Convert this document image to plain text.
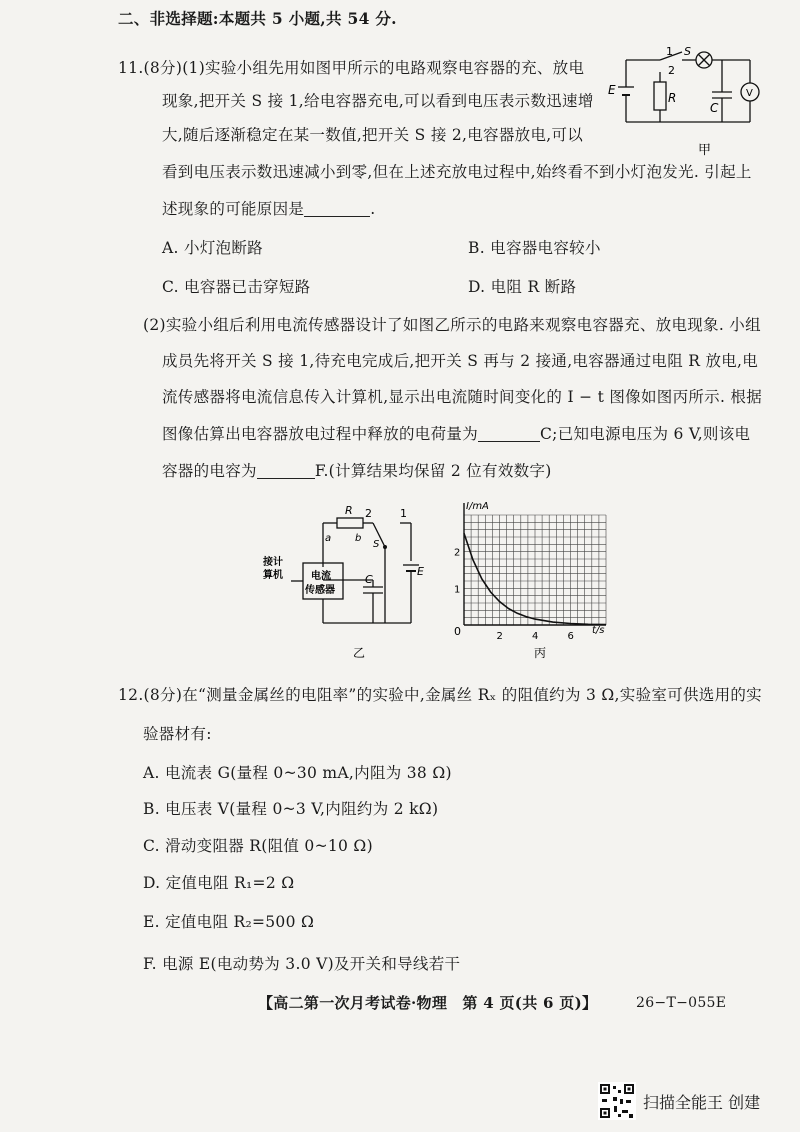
二、非选择题:本题共 5 小题,共 54 分.
11.(8分)(1)实验小组先用如图甲所示的电路观察电容器的充、放电
现象,把开关 S 接 1,给电容器充电,可以看到电压表示数迅速增
大,随后逐渐稳定在某一数值,把开关 S 接 2,电容器放电,可以
看到电压表示数迅速减小到零,但在上述充放电过程中,始终看不到小灯泡发光. 引起上
述现象的可能原因是	.
A. 小灯泡断路	B. 电容器电容较小
C. 电容器已击穿短路	D. 电阻 R 断路
(2)实验小组后利用电流传感器设计了如图乙所示的电路来观察电容器充、放电现象. 小组
成员先将开关 S 接 1,待充电完成后,把开关 S 再与 2 接通,电容器通过电阻 R 放电,电
流传感器将电流信息传入计算机,显示出电流随时间变化的 I − t 图像如图丙所示. 根据
图像估算出电容器放电过程中释放的电荷量为	C;已知电源电压为 6 V,则该电
容器的电容为	F.(计算结果均保留 2 位有效数字)
1
2
S
E
R
C
V
甲
R
a b
1
2
S
C
E
接计
算机	电流
传感器
乙
2	4	6
1
2
I/mA
t/s
0
丙
12.(8分)在“测量金属丝的电阻率”的实验中,金属丝 Rₓ 的阻值约为 3 Ω,实验室可供选用的实
验器材有:
A. 电流表 G(量程 0~30 mA,内阻为 38 Ω)
B. 电压表 V(量程 0~3 V,内阻约为 2 kΩ)
C. 滑动变阻器 R(阻值 0~10 Ω)
D. 定值电阻 R₁=2 Ω
E. 定值电阻 R₂=500 Ω
F. 电源 E(电动势为 3.0 V)及开关和导线若干
【高二第一次月考试卷·物理　第 4 页(共 6 页)】	26−T−055E
扫描全能王 创建
